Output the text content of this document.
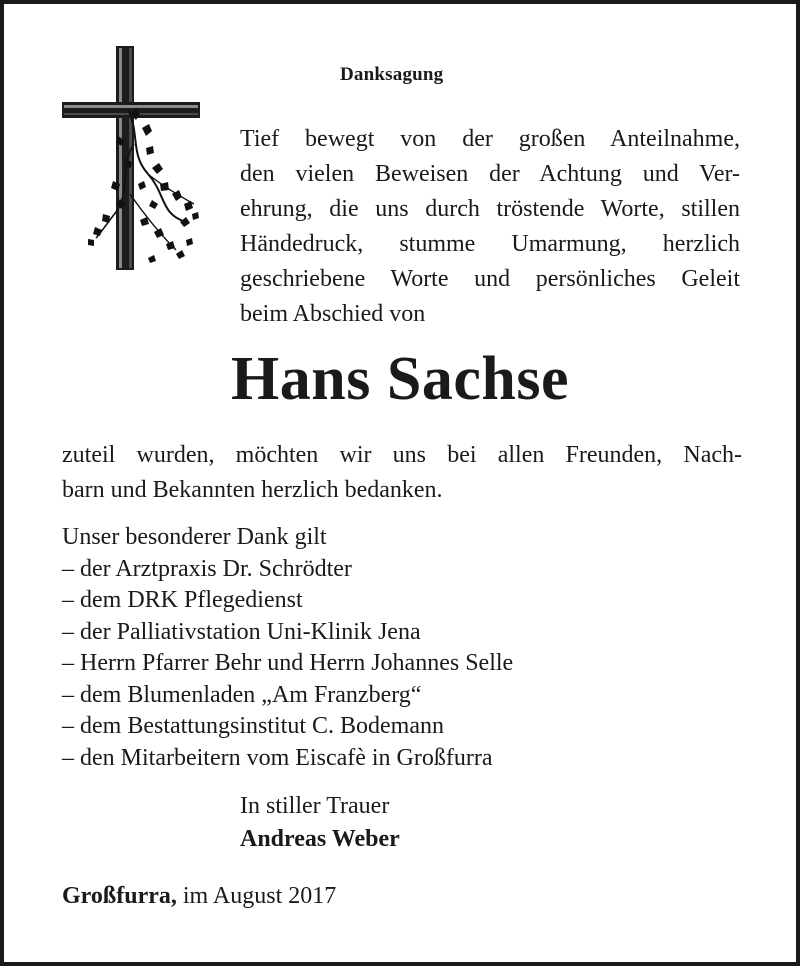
Danksagung
Tief bewegt von der großen Anteilnahme,
den vielen Beweisen der Achtung und Ver-
ehrung, die uns durch tröstende Worte, stillen
Händedruck, stumme Umarmung, herzlich
geschriebene Worte und persönliches Geleit
beim Abschied von
Hans Sachse
zuteil wurden, möchten wir uns bei allen Freunden, Nach-
barn und Bekannten herzlich bedanken.
Unser besonderer Dank gilt
– der Arztpraxis Dr. Schrödter
– dem DRK Pflegedienst
– der Palliativstation Uni-Klinik Jena
– Herrn Pfarrer Behr und Herrn Johannes Selle
– dem Blumenladen „Am Franzberg“
– dem Bestattungsinstitut C. Bodemann
– den Mitarbeitern vom Eiscafè in Großfurra
In stiller Trauer
Andreas Weber
Großfurra, im August 2017
